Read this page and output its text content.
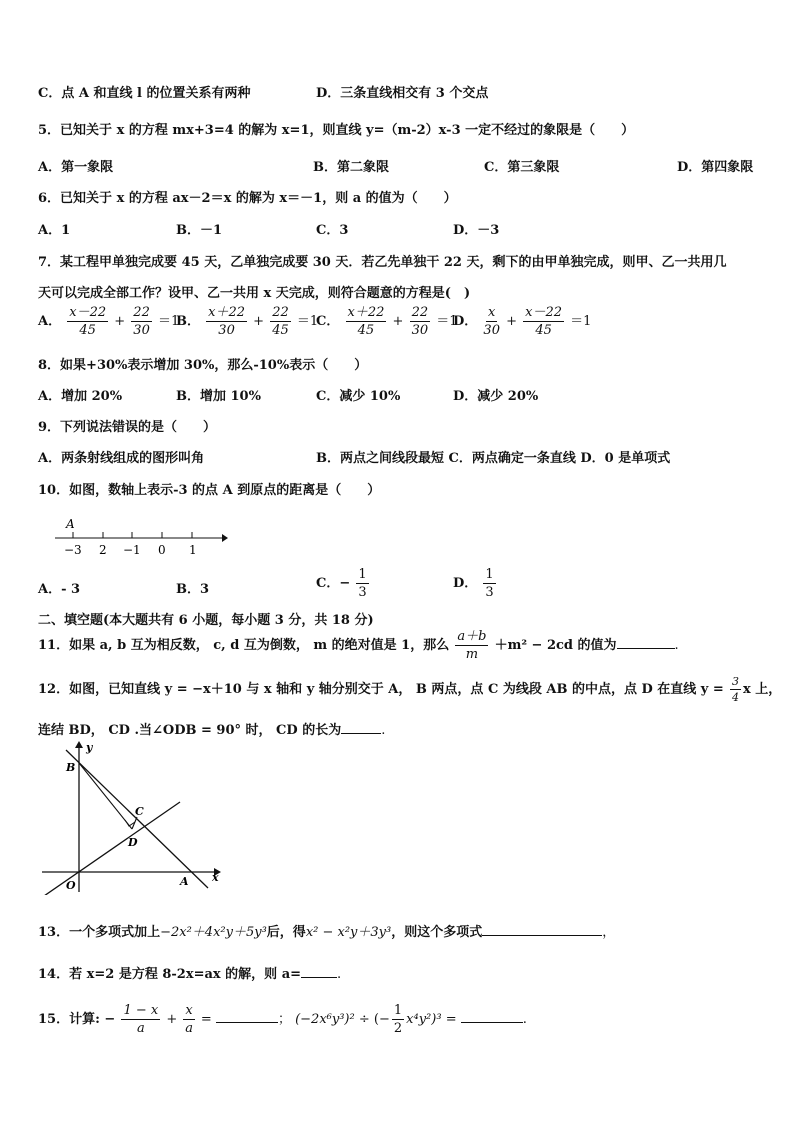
C．点 A 和直线 l 的位置关系有两种	D．三条直线相交有 3 个交点
5．已知关于 x 的方程 mx+3=4 的解为 x=1，则直线 y=（m-2）x-3 一定不经过的象限是（　　）
A．第一象限	B．第二象限	C．第三象限	D．第四象限
6．已知关于 x 的方程 ax－2＝x 的解为 x＝－1，则 a 的值为（　　）
A．1	B．－1	C．3	D．－3
7．某工程甲单独完成要 45 天，乙单独完成要 30 天．若乙先单独干 22 天，剩下的由甲单独完成，则甲、乙一共用几
天可以完成全部工作？设甲、乙一共用 x 天完成，则符合题意的方程是(　)
A． $\frac{x-22}{45} + \frac{22}{30} =1$
B． $\frac{x+22}{30} + \frac{22}{45} =1$
C． $\frac{x+22}{45} + \frac{22}{30} =1$
D． $\frac{x}{30} + \frac{x-22}{45} =1$
8．如果+30%表示增加 30%，那么-10%表示（　　）
A．增加 20%	B．增加 10%	C．减少 10%	D．减少 20%
9．下列说法错误的是（　　）
A．两条射线组成的图形叫角	B．两点之间线段最短 C．两点确定一条直线 D．0 是单项式
10．如图，数轴上表示-3 的点 A 到原点的距离是（　　）
A
−3 2 −1 0 1
A．- 3	B．3	C．− $\frac{1}{3}$	D． $\frac{1}{3}$
二、填空题(本大题共有 6 小题，每小题 3 分，共 18 分)
11．如果 a, b 互为相反数， c, d 互为倒数， m 的绝对值是 1，那么 $\frac{a+b}{m} +m^2 - 2cd$ 的值为	.
12．如图，已知直线 y = −x＋10 与 x 轴和 y 轴分别交于 A， B 两点，点 C 为线段 AB 的中点，点 D 在直线 $y = \frac{3}{4}$ x 上，
连结 BD， CD .当∠ODB = 90° 时， CD 的长为	.
y
x
B
C
D
O	A
13．一个多项式加上−2x²＋4x²y＋5y³后，得x² − x²y＋3y³，则这个多项式	，
14．若 x=2 是方程 8-2x=ax 的解，则 a=	.
15．计算: − $\frac{1 - x}{a} + \frac{x}{a}$ =	； (−2x⁶y³)² ÷ (− $\frac{1}{2} x^4y^2)^3$ =	.
